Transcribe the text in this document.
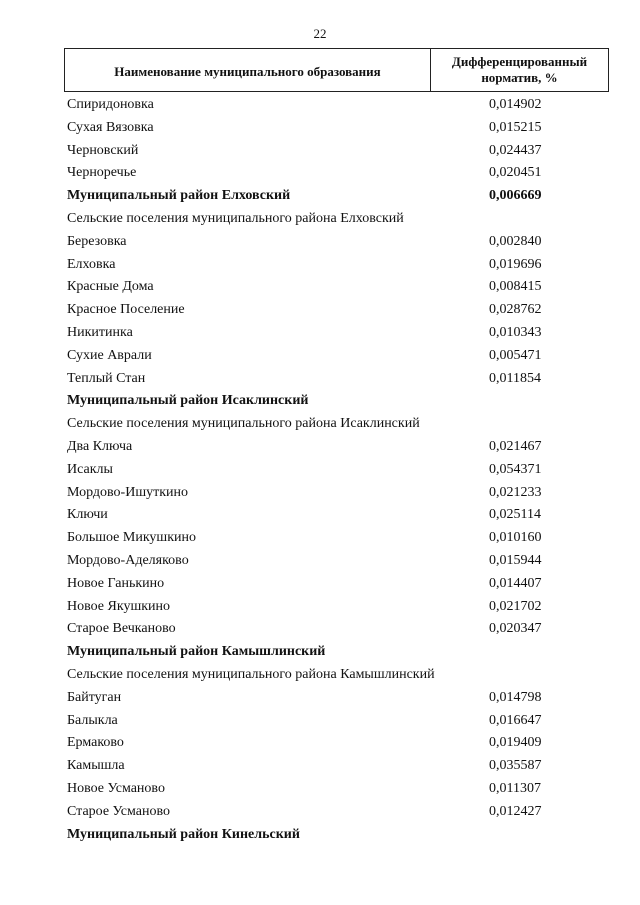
22
Наименование муниципального образования
Дифференцированный
норматив, %
Спиридоновка	0,014902
Сухая Вязовка	0,015215
Черновский	0,024437
Черноречье	0,020451
Муниципальный район Елховский	0,006669
Сельские поселения муниципального района Елховский
Березовка	0,002840
Елховка	0,019696
Красные Дома	0,008415
Красное Поселение	0,028762
Никитинка	0,010343
Сухие Аврали	0,005471
Теплый Стан	0,011854
Муниципальный район Исаклинский
Сельские поселения муниципального района Исаклинский
Два Ключа	0,021467
Исаклы	0,054371
Мордово-Ишуткино	0,021233
Ключи	0,025114
Большое Микушкино	0,010160
Мордово-Аделяково	0,015944
Новое Ганькино	0,014407
Новое Якушкино	0,021702
Старое Вечканово	0,020347
Муниципальный район Камышлинский
Сельские поселения муниципального района Камышлинский
Байтуган	0,014798
Балыкла	0,016647
Ермаково	0,019409
Камышла	0,035587
Новое Усманово	0,011307
Старое Усманово	0,012427
Муниципальный район Кинельский
